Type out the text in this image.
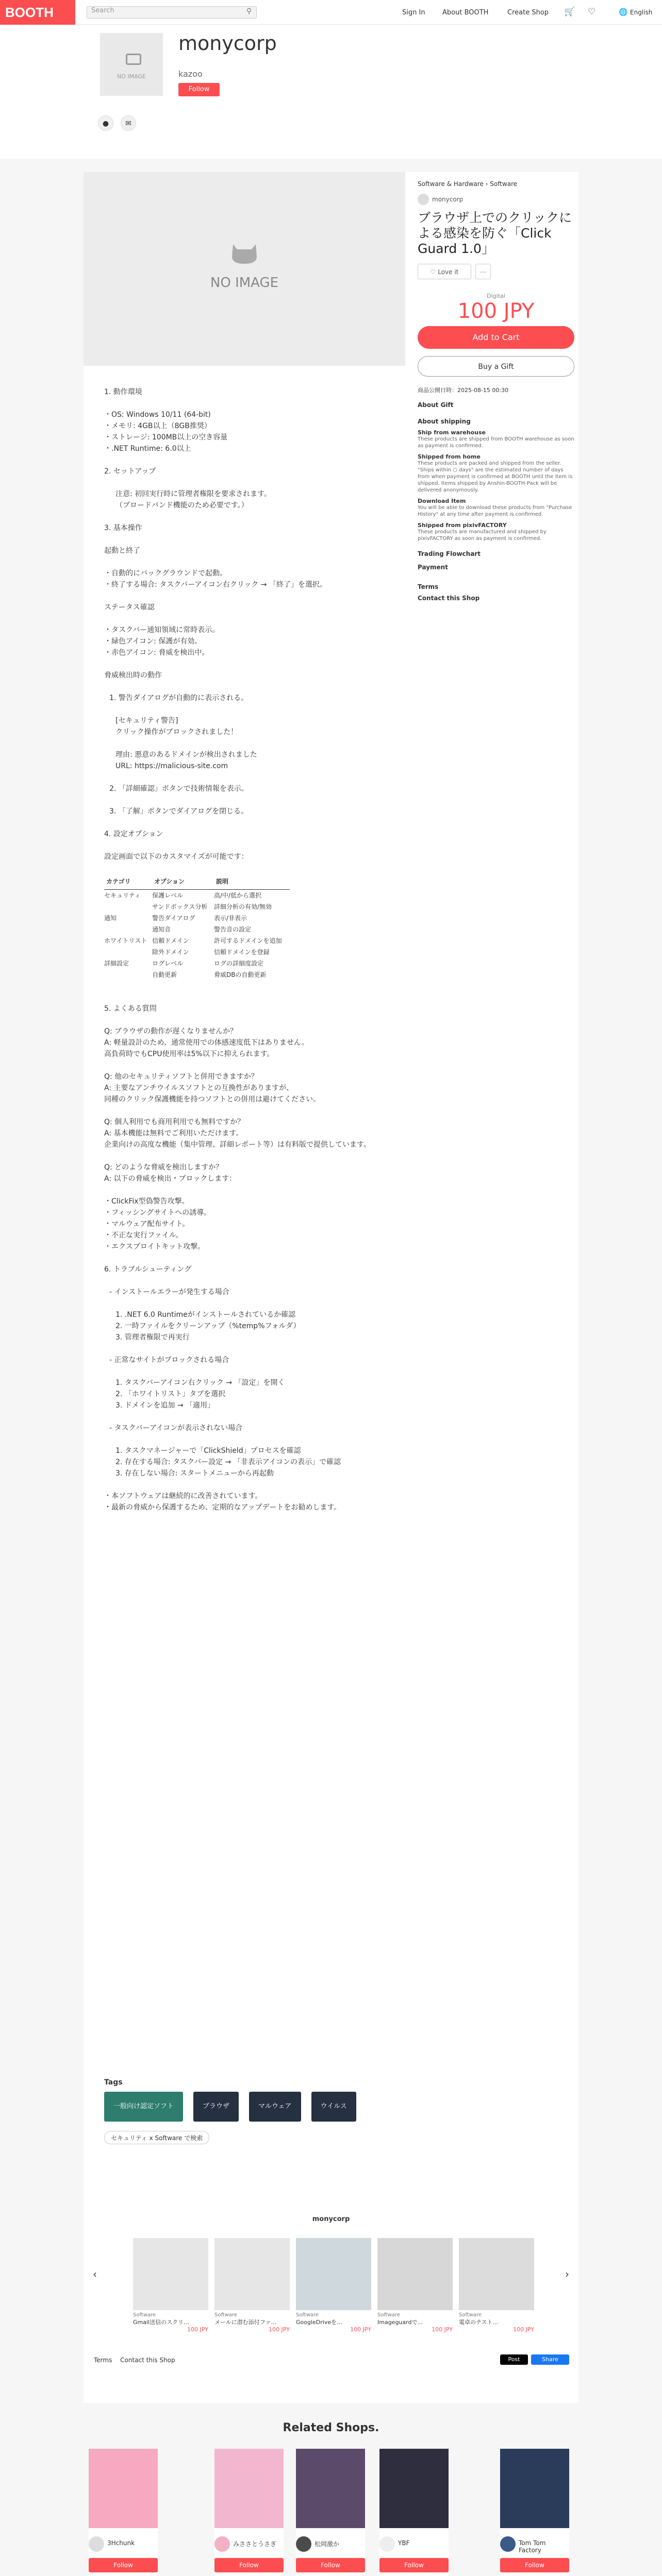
BOOTH	Search	⚲	Sign In	About BOOTH	Create Shop 🛒 ♡	🌐 English
NO IMAGE
monycorp
kazoo
Follow
●	✉
NO IMAGE
Software & Hardware › Software
monycorp
ブラウザ上でのクリックによる感染を防ぐ「Click Guard 1.0」
♡ Love it	⋯
Digital
100 JPY
Add to Cart
Buy a Gift
商品公開日時：2025-08-15 00:30
About Gift
About shipping
Ship from warehouse
These products are shipped from BOOTH warehouse as soon as payment is confirmed.
Shipped from home
These products are packed and shipped from the seller. "Ships within ○ days" are the estimated number of days from when payment is confirmed at BOOTH until the item is shipped. Items shipped by Anshin-BOOTH-Pack will be delivered anonymously.
Download Item
You will be able to download these products from "Purchase History" at any time after payment is confirmed.
Shipped from pixivFACTORY
These products are manufactured and shipped by pixivFACTORY as soon as payment is confirmed.
Trading Flowchart
Payment
Terms
Contact this Shop
1. 動作環境
・OS: Windows 10/11 (64-bit)
・メモリ: 4GB以上（8GB推奨）
・ストレージ: 100MB以上の空き容量
・.NET Runtime: 6.0以上
2. セットアップ
注意: 初回実行時に管理者権限を要求されます。
（ブロードバンド機能のため必要です。）
3. 基本操作
起動と終了
・自動的にバックグラウンドで起動。
・終了する場合: タスクバーアイコン右クリック → 「終了」を選択。
ステータス確認
・タスクバー通知領域に常時表示。
・緑色アイコン: 保護が有効。
・赤色アイコン: 脅威を検出中。
脅威検出時の動作
1. 警告ダイアログが自動的に表示される。
[セキュリティ警告]
クリック操作がブロックされました！

理由: 悪意のあるドメインが検出されました
URL: https://malicious-site.com
2. 「詳細確認」ボタンで技術情報を表示。
3. 「了解」ボタンでダイアログを閉じる。
4. 設定オプション
設定画面で以下のカスタマイズが可能です：
カテゴリ	オプション	説明
セキュリティ	保護レベル	高/中/低から選択
	サンドボックス分析	詳細分析の有効/無効
通知	警告ダイアログ	表示/非表示
	通知音	警告音の設定
ホワイトリスト	信頼ドメイン	許可するドメインを追加
	除外ドメイン	信頼ドメインを登録
詳細設定	ログレベル	ログの詳細度設定
	自動更新	脅威DBの自動更新
5. よくある質問
Q: ブラウザの動作が遅くなりませんか？
A: 軽量設計のため、通常使用での体感速度低下はありません。
高負荷時でもCPU使用率は5%以下に抑えられます。
Q: 他のセキュリティソフトと併用できますか？
A: 主要なアンチウイルスソフトとの互換性がありますが、
同種のクリック保護機能を持つソフトとの併用は避けてください。
Q: 個人利用でも商用利用でも無料ですか？
A: 基本機能は無料でご利用いただけます。
企業向けの高度な機能（集中管理、詳細レポート等）は有料版で提供しています。
Q: どのような脅威を検出しますか？
A: 以下の脅威を検出・ブロックします：
・ClickFix型偽警告攻撃。
・フィッシングサイトへの誘導。
・マルウェア配布サイト。
・不正な実行ファイル。
・エクスプロイトキット攻撃。
6. トラブルシューティング
- インストールエラーが発生する場合
1. .NET 6.0 Runtimeがインストールされているか確認
2. 一時ファイルをクリーンアップ（%temp%フォルダ）
3. 管理者権限で再実行
- 正常なサイトがブロックされる場合
1. タスクバーアイコン右クリック → 「設定」を開く
2. 「ホワイトリスト」タブを選択
3. ドメインを追加 → 「適用」
- タスクバーアイコンが表示されない場合
1. タスクマネージャーで「ClickShield」プロセスを確認
2. 存在する場合: タスクバー設定 → 「非表示アイコンの表示」で確認
3. 存在しない場合: スタートメニューから再起動
・本ソフトウェアは継続的に改善されています。
・最新の脅威から保護するため、定期的なアップデートをお勧めします。
Tags
一般向け認定ソフト	ブラウザ	マルウェア	ウイルス
セキュリティ x Software で検索
monycorp
‹	›
Software
Gmail送信のスクリ...
100 JPY
Software
メールに潜む添付ファ...
100 JPY
Software
GoogleDriveを...
100 JPY
Software
Imageguardで...
100 JPY
Software
電卓のテスト...
100 JPY
Terms Contact this Shop	Post	Share
Related Shops.
3Hchunk
Follow
みささとうさぎ
Follow
松岡激か
Follow
YBF
Follow
Tom Tom Factory
Follow
